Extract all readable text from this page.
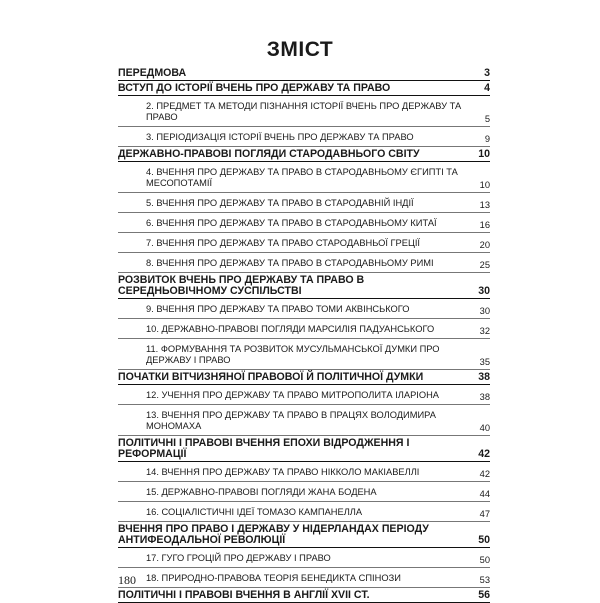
ЗМІСТ
ПЕРЕДМОВА	3
ВСТУП ДО ІСТОРІЇ ВЧЕНЬ ПРО ДЕРЖАВУ ТА ПРАВО	4
2. ПРЕДМЕТ ТА МЕТОДИ ПІЗНАННЯ ІСТОРІЇ ВЧЕНЬ ПРО ДЕРЖАВУ ТА ПРАВО	5
3. ПЕРІОДИЗАЦІЯ ІСТОРІЇ ВЧЕНЬ ПРО ДЕРЖАВУ ТА ПРАВО	9
ДЕРЖАВНО-ПРАВОВІ ПОГЛЯДИ СТАРОДАВНЬОГО СВІТУ	10
4. ВЧЕННЯ ПРО ДЕРЖАВУ ТА ПРАВО В СТАРОДАВНЬОМУ ЄГИПТІ ТА МЕСОПОТАМІЇ	10
5. ВЧЕННЯ ПРО ДЕРЖАВУ ТА ПРАВО В СТАРОДАВНІЙ ІНДІЇ	13
6. ВЧЕННЯ ПРО ДЕРЖАВУ ТА ПРАВО В СТАРОДАВНЬОМУ КИТАЇ	16
7. ВЧЕННЯ ПРО ДЕРЖАВУ ТА ПРАВО СТАРОДАВНЬОЇ ГРЕЦІЇ	20
8. ВЧЕННЯ ПРО ДЕРЖАВУ ТА ПРАВО В СТАРОДАВНЬОМУ РИМІ	25
РОЗВИТОК ВЧЕНЬ ПРО ДЕРЖАВУ ТА ПРАВО В СЕРЕДНЬОВІЧНОМУ СУСПІЛЬСТВІ	30
9. ВЧЕННЯ ПРО ДЕРЖАВУ ТА ПРАВО ТОМИ АКВІНСЬКОГО	30
10. ДЕРЖАВНО-ПРАВОВІ ПОГЛЯДИ МАРСИЛІЯ ПАДУАНСЬКОГО	32
11. ФОРМУВАННЯ ТА РОЗВИТОК МУСУЛЬМАНСЬКОЇ ДУМКИ ПРО ДЕРЖАВУ І ПРАВО	35
ПОЧАТКИ ВІТЧИЗНЯНОЇ ПРАВОВОЇ Й ПОЛІТИЧНОЇ ДУМКИ	38
12. УЧЕННЯ ПРО ДЕРЖАВУ ТА ПРАВО МИТРОПОЛИТА ІЛАРІОНА	38
13. ВЧЕННЯ ПРО ДЕРЖАВУ ТА ПРАВО В ПРАЦЯХ ВОЛОДИМИРА МОНОМАХА	40
ПОЛІТИЧНІ І ПРАВОВІ ВЧЕННЯ ЕПОХИ ВІДРОДЖЕННЯ І РЕФОРМАЦІЇ	42
14. ВЧЕННЯ ПРО ДЕРЖАВУ ТА ПРАВО НІККОЛО МАКІАВЕЛЛІ	42
15. ДЕРЖАВНО-ПРАВОВІ ПОГЛЯДИ ЖАНА БОДЕНА	44
16. СОЦІАЛІСТИЧНІ ІДЕЇ ТОМАЗО КАМПАНЕЛЛА	47
ВЧЕННЯ ПРО ПРАВО І ДЕРЖАВУ У НІДЕРЛАНДАХ ПЕРІОДУ АНТИФЕОДАЛЬНОЇ РЕВОЛЮЦІЇ	50
17. ГУГО ГРОЦІЙ ПРО ДЕРЖАВУ І ПРАВО	50
18. ПРИРОДНО-ПРАВОВА ТЕОРІЯ БЕНЕДИКТА СПІНОЗИ	53
ПОЛІТИЧНІ І ПРАВОВІ ВЧЕННЯ В АНГЛІЇ XVII СТ.	56
180
